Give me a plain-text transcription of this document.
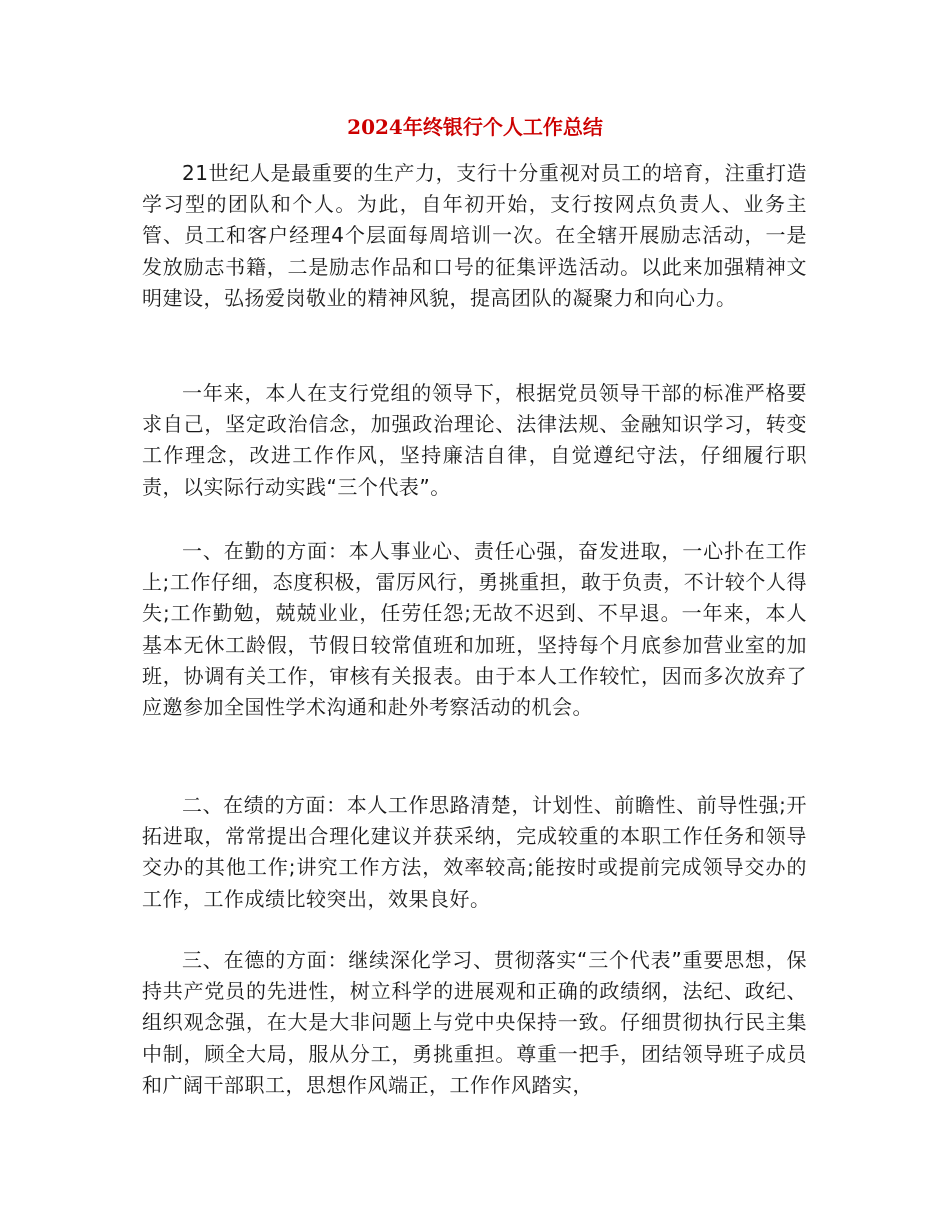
2024年终银行个人工作总结

21世纪人是最重要的生产力，支行十分重视对员工的培育，注重打造学习型的团队和个人。为此，自年初开始，支行按网点负责人、业务主管、员工和客户经理4个层面每周培训一次。在全辖开展励志活动，一是发放励志书籍，二是励志作品和口号的征集评选活动。以此来加强精神文明建设，弘扬爱岗敬业的精神风貌，提高团队的凝聚力和向心力。

一年来，本人在支行党组的领导下，根据党员领导干部的标准严格要求自己，坚定政治信念，加强政治理论、法律法规、金融知识学习，转变工作理念，改进工作作风，坚持廉洁自律，自觉遵纪守法，仔细履行职责，以实际行动实践“三个代表”。

一、在勤的方面：本人事业心、责任心强，奋发进取，一心扑在工作上;工作仔细，态度积极，雷厉风行，勇挑重担，敢于负责，不计较个人得失;工作勤勉，兢兢业业，任劳任怨;无故不迟到、不早退。一年来，本人基本无休工龄假，节假日较常值班和加班，坚持每个月底参加营业室的加班，协调有关工作，审核有关报表。由于本人工作较忙，因而多次放弃了应邀参加全国性学术沟通和赴外考察活动的机会。

二、在绩的方面：本人工作思路清楚，计划性、前瞻性、前导性强;开拓进取，常常提出合理化建议并获采纳，完成较重的本职工作任务和领导交办的其他工作;讲究工作方法，效率较高;能按时或提前完成领导交办的工作，工作成绩比较突出，效果良好。

三、在德的方面：继续深化学习、贯彻落实“三个代表”重要思想，保持共产党员的先进性，树立科学的进展观和正确的政绩纲，法纪、政纪、组织观念强，在大是大非问题上与党中央保持一致。仔细贯彻执行民主集中制，顾全大局，服从分工，勇挑重担。尊重一把手，团结领导班子成员和广阔干部职工，思想作风端正，工作作风踏实，
